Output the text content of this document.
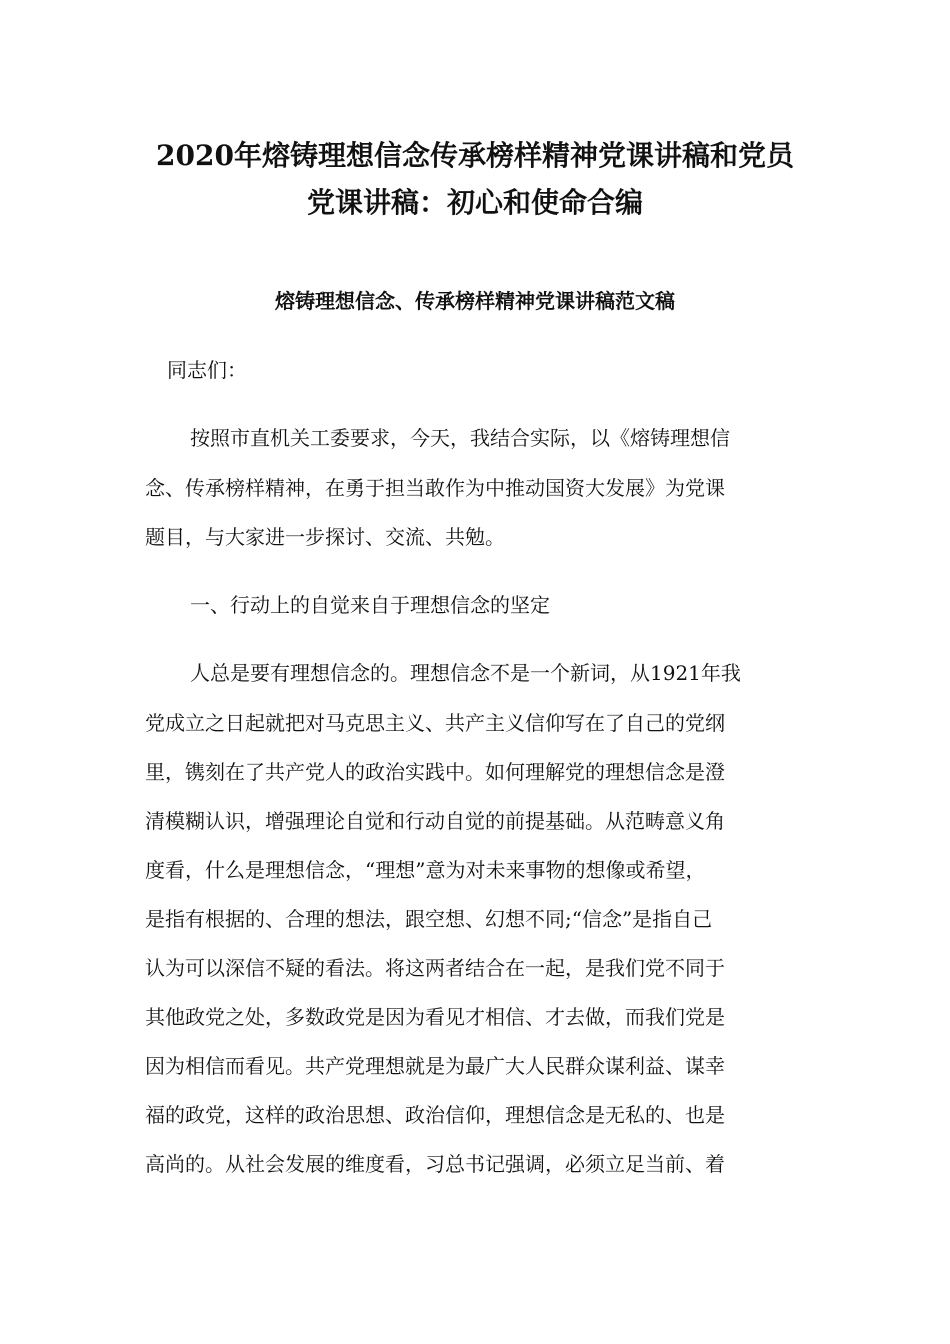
2020年熔铸理想信念传承榜样精神党课讲稿和党员
党课讲稿：初心和使命合编
熔铸理想信念、传承榜样精神党课讲稿范文稿

同志们：

按照市直机关工委要求，今天，我结合实际，以《熔铸理想信

念、传承榜样精神，在勇于担当敢作为中推动国资大发展》为党课

题目，与大家进一步探讨、交流、共勉。

一、行动上的自觉来自于理想信念的坚定

人总是要有理想信念的。理想信念不是一个新词，从1921年我

党成立之日起就把对马克思主义、共产主义信仰写在了自己的党纲

里，镌刻在了共产党人的政治实践中。如何理解党的理想信念是澄

清模糊认识，增强理论自觉和行动自觉的前提基础。从范畴意义角

度看，什么是理想信念，“理想”意为对未来事物的想像或希望，

是指有根据的、合理的想法，跟空想、幻想不同;“信念”是指自己

认为可以深信不疑的看法。将这两者结合在一起，是我们党不同于

其他政党之处，多数政党是因为看见才相信、才去做，而我们党是

因为相信而看见。共产党理想就是为最广大人民群众谋利益、谋幸

福的政党，这样的政治思想、政治信仰，理想信念是无私的、也是

高尚的。从社会发展的维度看，习总书记强调，必须立足当前、着
